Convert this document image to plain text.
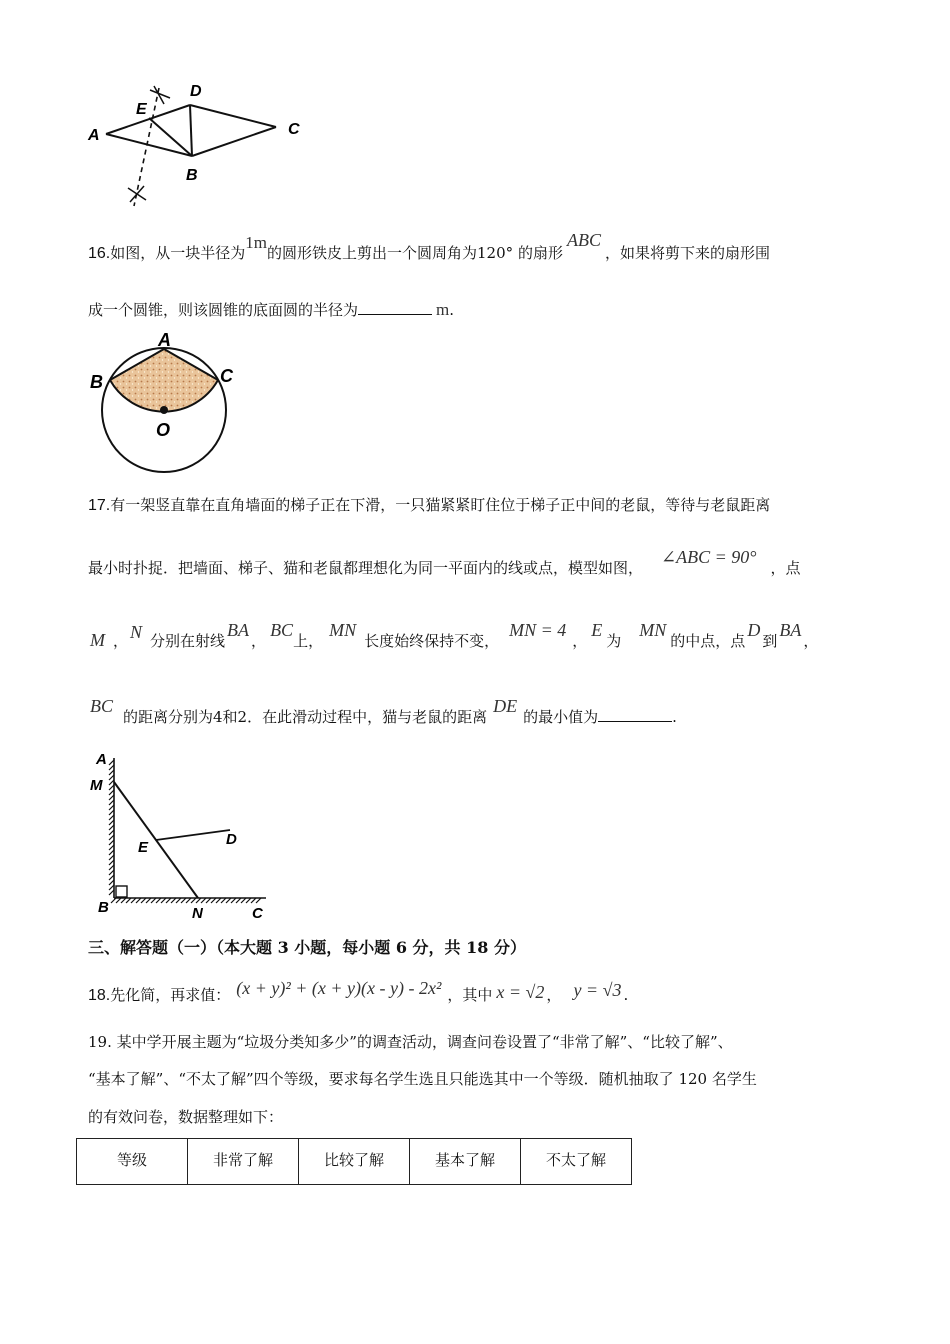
A
E
D
C
B
16.如图，从一块半径为1m的圆形铁皮上剪出一个圆周角为120° 的扇形ABC，如果将剪下来的扇形围
成一个圆锥，则该圆锥的底面圆的半径为	m.
A
B	C
O
17.有一架竖直靠在直角墙面的梯子正在下滑，一只猫紧紧盯住位于梯子正中间的老鼠，等待与老鼠距离
最小时扑捉．把墙面、梯子、猫和老鼠都理想化为同一平面内的线或点，模型如图，∠ABC = 90°，点
M ， N 分别在射线BA，BC上，MN长度始终保持不变，MN = 4，E为MN的中点，点D到BA，
BC的距离分别为4和2．在此滑动过程中，猫与老鼠的距离DE的最小值为	.
A
M
E	D
B	N	C
三、解答题（一）（本大题 3 小题，每小题 6 分，共 18 分）
18.先化简，再求值： (x + y)² + (x + y)(x - y) - 2x² ，其中 x = √2 ， y = √3 .
19. 某中学开展主题为“垃圾分类知多少”的调查活动，调查问卷设置了“非常了解”、“比较了解”、
“基本了解”、“不太了解”四个等级，要求每名学生选且只能选其中一个等级．随机抽取了 120 名学生
的有效问卷，数据整理如下：
等级	非常了解	比较了解	基本了解	不太了解
